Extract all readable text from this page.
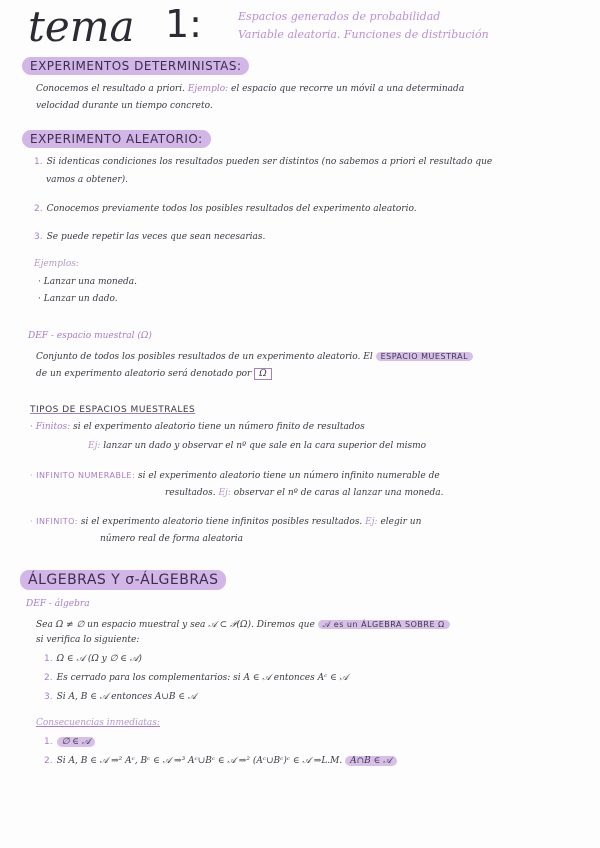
tema 1:	Espacios generados de probabilidad
Variable aleatoria. Funciones de distribución
EXPERIMENTOS DETERMINISTAS:
Conocemos el resultado a priori. Ejemplo: el espacio que recorre un móvil a una determinada
velocidad durante un tiempo concreto.
EXPERIMENTO ALEATORIO:
1. Si identicas condiciones los resultados pueden ser distintos (no sabemos a priori el resultado que
vamos a obtener).
2. Conocemos previamente todos los posibles resultados del experimento aleatorio.
3. Se puede repetir las veces que sean necesarias.
Ejemplos:
· Lanzar una moneda.
· Lanzar un dado.
DEF - espacio muestral (Ω)
Conjunto de todos los posibles resultados de un experimento aleatorio. El ESPACIO MUESTRAL
de un experimento aleatorio será denotado por Ω
TIPOS DE ESPACIOS MUESTRALES
· Finitos: si el experimento aleatorio tiene un número finito de resultados
Ej: lanzar un dado y observar el nº que sale en la cara superior del mismo
· INFINITO NUMERABLE: si el experimento aleatorio tiene un número infinito numerable de
resultados. Ej: observar el nº de caras al lanzar una moneda.
· INFINITO: si el experimento aleatorio tiene infinitos posibles resultados. Ej: elegir un
número real de forma aleatoria
ÁLGEBRAS Y σ-ÁLGEBRAS
DEF - álgebra
Sea Ω ≠ ∅ un espacio muestral y sea 𝒜 ⊂ 𝒫(Ω). Diremos que 𝒜 es un ÁLGEBRA SOBRE Ω
si verifica lo siguiente:
1. Ω ∈ 𝒜 (Ω y ∅ ∈ 𝒜)
2. Es cerrado para los complementarios: si A ∈ 𝒜 entonces Aᶜ ∈ 𝒜
3. Si A, B ∈ 𝒜 entonces A∪B ∈ 𝒜
Consecuencias inmediatas:
1. ∅ ∈ 𝒜
2. Si A, B ∈ 𝒜 ⇒² Aᶜ, Bᶜ ∈ 𝒜 ⇒³ Aᶜ∪Bᶜ ∈ 𝒜 ⇒² (Aᶜ∪Bᶜ)ᶜ ∈ 𝒜 ⇒L.M. A∩B ∈ 𝒜
